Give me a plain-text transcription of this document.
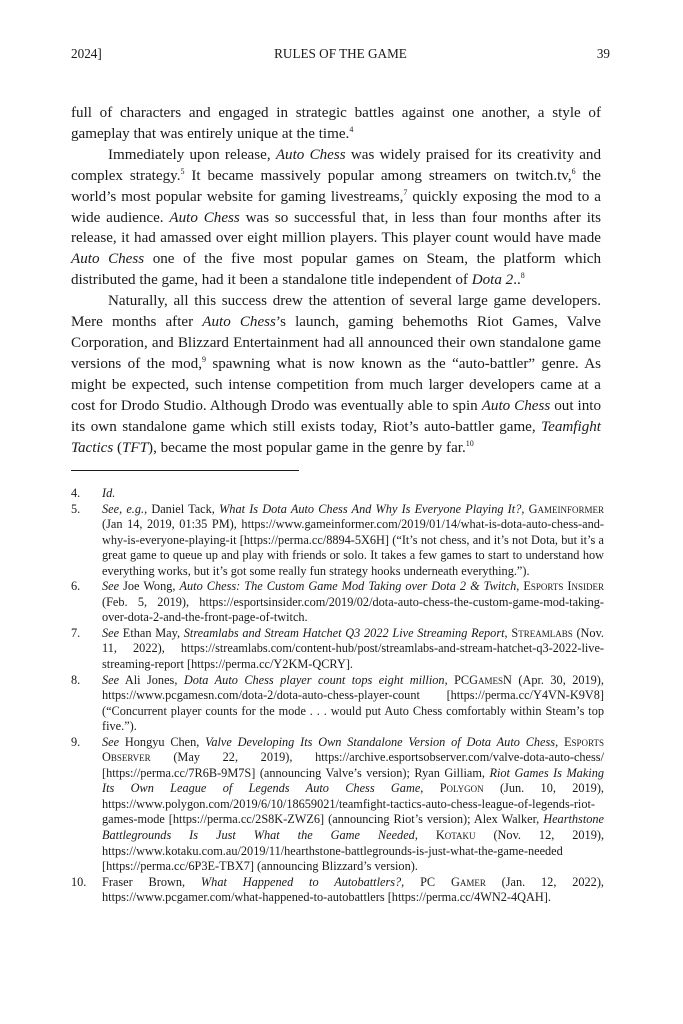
2024]	RULES OF THE GAME	39

full of characters and engaged in strategic battles against one another, a style of gameplay that was entirely unique at the time.$^4$

Immediately upon release, Auto Chess was widely praised for its creativity and complex strategy.$^5$ It became massively popular among streamers on twitch.tv,$^6$ the world’s most popular website for gaming livestreams,$^7$ quickly exposing the mod to a wide audience. Auto Chess was so successful that, in less than four months after its release, it had amassed over eight million players. This player count would have made Auto Chess one of the five most popular games on Steam, the platform which distributed the game, had it been a standalone title independent of Dota 2..$^8$

Naturally, all this success drew the attention of several large game developers. Mere months after Auto Chess’s launch, gaming behemoths Riot Games, Valve Corporation, and Blizzard Entertainment had all announced their own standalone game versions of the mod,$^9$ spawning what is now known as the “auto-battler” genre. As might be expected, such intense competition from much larger developers came at a cost for Drodo Studio. Although Drodo was eventually able to spin Auto Chess out into its own standalone game which still exists today, Riot’s auto-battler game, Teamfight Tactics (TFT), became the most popular game in the genre by far.$^{10}$

4. Id.
5. See, e.g., Daniel Tack, What Is Dota Auto Chess And Why Is Everyone Playing It?, Gameinformer (Jan 14, 2019, 01:35 PM), https://www.gameinformer.com/2019/01/14/what-is-dota-auto-chess-and-why-is-everyone-playing-it [https://perma.cc/8894-5X6H] (“It’s not chess, and it’s not Dota, but it’s a great game to queue up and play with friends or solo. It takes a few games to start to understand how everything works, but it’s got some really fun strategy hooks underneath everything.”).
6. See Joe Wong, Auto Chess: The Custom Game Mod Taking over Dota 2 & Twitch, Esports Insider (Feb. 5, 2019), https://esportsinsider.com/2019/02/dota-auto-chess-the-custom-game-mod-taking-over-dota-2-and-the-front-page-of-twitch.
7. See Ethan May, Streamlabs and Stream Hatchet Q3 2022 Live Streaming Report, Streamlabs (Nov. 11, 2022), https://streamlabs.com/content-hub/post/streamlabs-and-stream-hatchet-q3-2022-live-streaming-report [https://perma.cc/Y2KM-QCRY].
8. See Ali Jones, Dota Auto Chess player count tops eight million, PCGamesN (Apr. 30, 2019), https://www.pcgamesn.com/dota-2/dota-auto-chess-player-count [https://perma.cc/Y4VN-K9V8] (“Concurrent player counts for the mode . . . would put Auto Chess comfortably within Steam’s top five.”).
9. See Hongyu Chen, Valve Developing Its Own Standalone Version of Dota Auto Chess, Esports Observer (May 22, 2019), https://archive.esportsobserver.com/valve-dota-auto-chess/ [https://perma.cc/7R6B-9M7S] (announcing Valve’s version); Ryan Gilliam, Riot Games Is Making Its Own League of Legends Auto Chess Game, Polygon (Jun. 10, 2019), https://www.polygon.com/2019/6/10/18659021/teamfight-tactics-auto-chess-league-of-legends-riot-games-mode [https://perma.cc/2S8K-ZWZ6] (announcing Riot’s version); Alex Walker, Hearthstone Battlegrounds Is Just What the Game Needed, Kotaku (Nov. 12, 2019), https://www.kotaku.com.au/2019/11/hearthstone-battlegrounds-is-just-what-the-game-needed [https://perma.cc/6P3E-TBX7] (announcing Blizzard’s version).
10. Fraser Brown, What Happened to Autobattlers?, PC Gamer (Jan. 12, 2022), https://www.pcgamer.com/what-happened-to-autobattlers [https://perma.cc/4WN2-4QAH].
